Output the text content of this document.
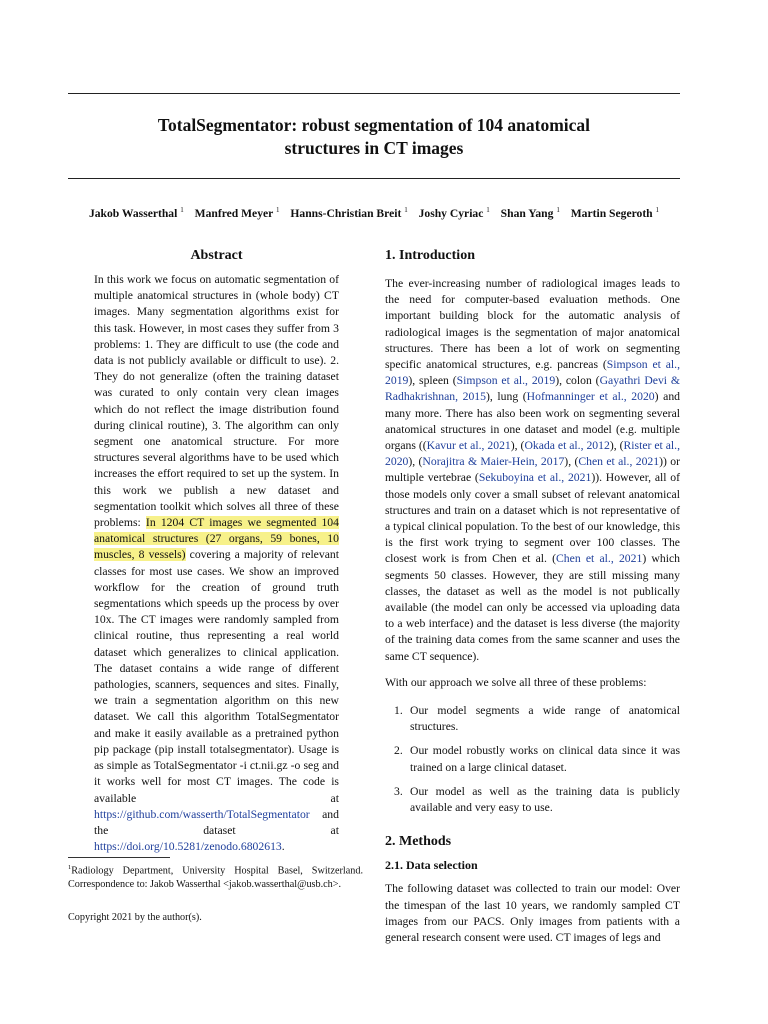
TotalSegmentator: robust segmentation of 104 anatomical
structures in CT images
Jakob Wasserthal $^1$ Manfred Meyer $^1$ Hanns-Christian Breit $^1$ Joshy Cyriac $^1$ Shan Yang $^1$ Martin Segeroth $^1$
Abstract
In this work we focus on automatic segmentation of multiple anatomical structures in (whole body) CT images. Many segmentation algorithms exist for this task. However, in most cases they suffer from 3 problems: 1. They are difficult to use (the code and data is not publicly available or difficult to use). 2. They do not generalize (often the training dataset was curated to only contain very clean images which do not reflect the image distribution found during clinical routine), 3. The algorithm can only segment one anatomical structure. For more structures several algorithms have to be used which increases the effort required to set up the system. In this work we publish a new dataset and segmentation toolkit which solves all three of these problems: In 1204 CT images we segmented 104 anatomical structures (27 organs, 59 bones, 10 muscles, 8 vessels) covering a majority of relevant classes for most use cases. We show an improved workflow for the creation of ground truth segmentations which speeds up the process by over 10x. The CT images were randomly sampled from clinical routine, thus representing a real world dataset which generalizes to clinical application. The dataset contains a wide range of different pathologies, scanners, sequences and sites. Finally, we train a segmentation algorithm on this new dataset. We call this algorithm TotalSegmentator and make it easily available as a pretrained python pip package (pip install totalsegmentator). Usage is as simple as TotalSegmentator -i ct.nii.gz -o seg and it works well for most CT images. The code is available at https://github.com/wasserth/TotalSegmentator and the dataset at https://doi.org/10.5281/zenodo.6802613.
$^1$Radiology Department, University Hospital Basel, Switzerland. Correspondence to: Jakob Wasserthal <jakob.wasserthal@usb.ch>.
Copyright 2021 by the author(s).
1. Introduction

The ever-increasing number of radiological images leads to the need for computer-based evaluation methods. One important building block for the automatic analysis of radiological images is the segmentation of major anatomical structures. There has been a lot of work on segmenting specific anatomical structures, e.g. pancreas (Simpson et al., 2019), spleen (Simpson et al., 2019), colon (Gayathri Devi & Radhakrishnan, 2015), lung (Hofmanninger et al., 2020) and many more. There has also been work on segmenting several anatomical structures in one dataset and model (e.g. multiple organs ((Kavur et al., 2021), (Okada et al., 2012), (Rister et al., 2020), (Norajitra & Maier-Hein, 2017), (Chen et al., 2021)) or multiple vertebrae (Sekuboyina et al., 2021)). However, all of those models only cover a small subset of relevant anatomical structures and train on a dataset which is not representative of a typical clinical population. To the best of our knowledge, this is the first work trying to segment over 100 classes. The closest work is from Chen et al. (Chen et al., 2021) which segments 50 classes. However, they are still missing many classes, the dataset as well as the model is not publically available (the model can only be accessed via uploading data to a web interface) and the dataset is less diverse (the majority of the training data comes from the same scanner and uses the same CT sequence).

With our approach we solve all three of these problems:

1. Our model segments a wide range of anatomical structures.
2. Our model robustly works on clinical data since it was trained on a large clinical dataset.
3. Our model as well as the training data is publicly available and very easy to use.
2. Methods
2.1. Data selection

The following dataset was collected to train our model: Over the timespan of the last 10 years, we randomly sampled CT images from our PACS. Only images from patients with a general research consent were used. CT images of legs and
